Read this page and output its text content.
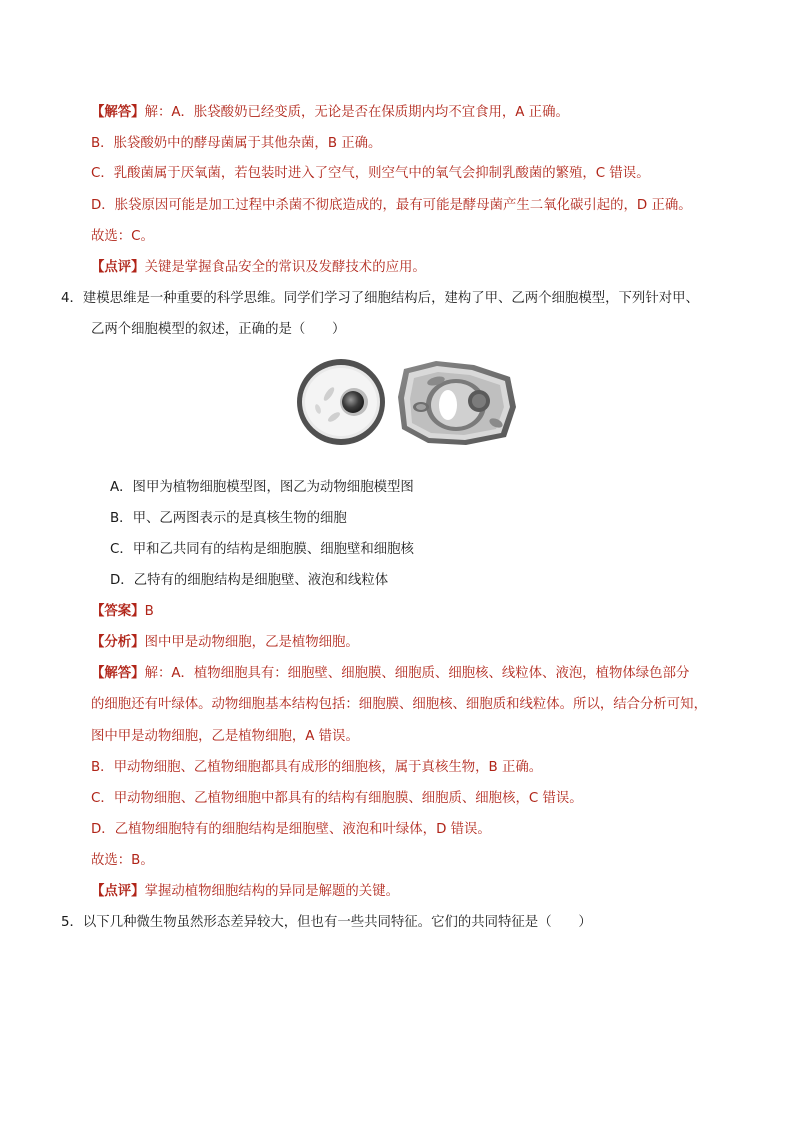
【解答】解：A．胀袋酸奶已经变质，无论是否在保质期内均不宜食用，A 正确。
B．胀袋酸奶中的酵母菌属于其他杂菌，B 正确。
C．乳酸菌属于厌氧菌，若包装时进入了空气，则空气中的氧气会抑制乳酸菌的繁殖，C 错误。
D．胀袋原因可能是加工过程中杀菌不彻底造成的，最有可能是酵母菌产生二氧化碳引起的，D 正确。
故选：C。
【点评】关键是掌握食品安全的常识及发酵技术的应用。
4．建模思维是一种重要的科学思维。同学们学习了细胞结构后，建构了甲、乙两个细胞模型，下列针对甲、
乙两个细胞模型的叙述，正确的是（　　）
A．图甲为植物细胞模型图，图乙为动物细胞模型图
B．甲、乙两图表示的是真核生物的细胞
C．甲和乙共同有的结构是细胞膜、细胞壁和细胞核
D．乙特有的细胞结构是细胞壁、液泡和线粒体
【答案】B
【分析】图中甲是动物细胞，乙是植物细胞。
【解答】解：A．植物细胞具有：细胞壁、细胞膜、细胞质、细胞核、线粒体、液泡，植物体绿色部分
的细胞还有叶绿体。动物细胞基本结构包括：细胞膜、细胞核、细胞质和线粒体。所以，结合分析可知，
图中甲是动物细胞，乙是植物细胞，A 错误。
B．甲动物细胞、乙植物细胞都具有成形的细胞核，属于真核生物，B 正确。
C．甲动物细胞、乙植物细胞中都具有的结构有细胞膜、细胞质、细胞核，C 错误。
D．乙植物细胞特有的细胞结构是细胞壁、液泡和叶绿体，D 错误。
故选：B。
【点评】掌握动植物细胞结构的异同是解题的关键。
5．以下几种微生物虽然形态差异较大，但也有一些共同特征。它们的共同特征是（　　）
